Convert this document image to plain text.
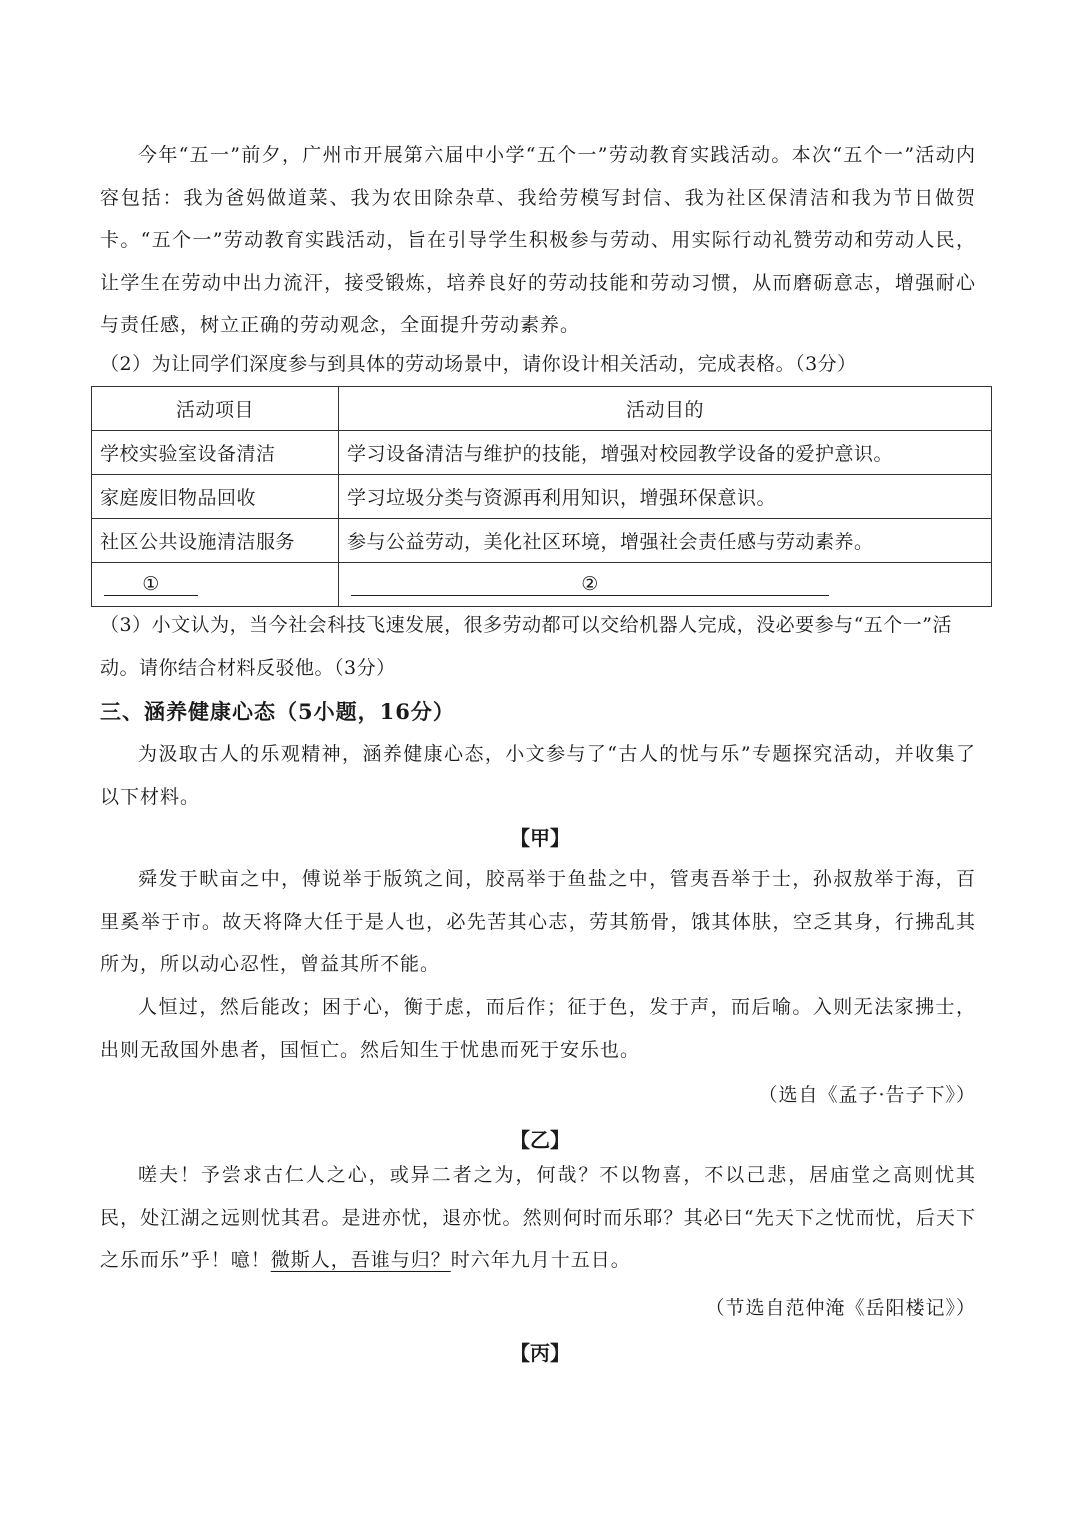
今年“五一”前夕，广州市开展第六届中小学“五个一”劳动教育实践活动。本次“五个一”活动内容包括：我为爸妈做道菜、我为农田除杂草、我给劳模写封信、我为社区保清洁和我为节日做贺卡。“五个一”劳动教育实践活动，旨在引导学生积极参与劳动、用实际行动礼赞劳动和劳动人民，让学生在劳动中出力流汗，接受锻炼，培养良好的劳动技能和劳动习惯，从而磨砺意志，增强耐心与责任感，树立正确的劳动观念，全面提升劳动素养。
（2）为让同学们深度参与到具体的劳动场景中，请你设计相关活动，完成表格。（3分）
活动项目	活动目的
学校实验室设备清洁	学习设备清洁与维护的技能，增强对校园教学设备的爱护意识。
家庭废旧物品回收	学习垃圾分类与资源再利用知识，增强环保意识。
社区公共设施清洁服务	参与公益劳动，美化社区环境，增强社会责任感与劳动素养。
①	②
（3）小文认为，当今社会科技飞速发展，很多劳动都可以交给机器人完成，没必要参与“五个一”活动。请你结合材料反驳他。（3分）
三、涵养健康心态（5小题，16分）
为汲取古人的乐观精神，涵养健康心态，小文参与了“古人的忧与乐”专题探究活动，并收集了以下材料。
【甲】
舜发于畎亩之中，傅说举于版筑之间，胶鬲举于鱼盐之中，管夷吾举于士，孙叔敖举于海，百里奚举于市。故天将降大任于是人也，必先苦其心志，劳其筋骨，饿其体肤，空乏其身，行拂乱其所为，所以动心忍性，曾益其所不能。
人恒过，然后能改；困于心，衡于虑，而后作；征于色，发于声，而后喻。入则无法家拂士，出则无敌国外患者，国恒亡。然后知生于忧患而死于安乐也。
（选自《孟子·告子下》）
【乙】
嗟夫！予尝求古仁人之心，或异二者之为，何哉？不以物喜，不以己悲，居庙堂之高则忧其民，处江湖之远则忧其君。是进亦忧，退亦忧。然则何时而乐耶？其必曰“先天下之忧而忧，后天下之乐而乐”乎！噫！微斯人，吾谁与归？时六年九月十五日。
（节选自范仲淹《岳阳楼记》）
【丙】
